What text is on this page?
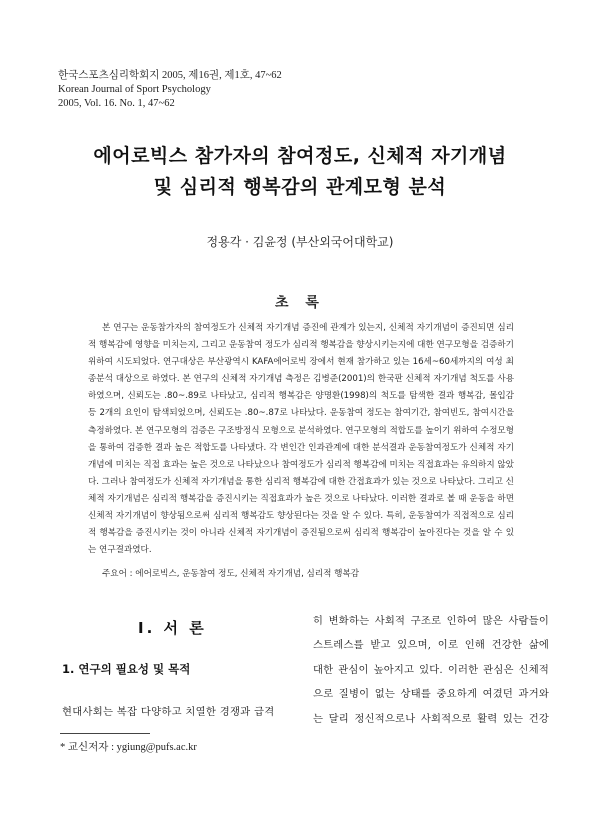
한국스포츠심리학회지 2005, 제16권, 제1호, 47~62
Korean Journal of Sport Psychology
2005, Vol. 16. No. 1, 47~62
에어로빅스 참가자의 참여정도, 신체적 자기개념
및 심리적 행복감의 관계모형 분석
정용각 · 김윤정 (부산외국어대학교)
초 록
본 연구는 운동참가자의 참여정도가 신체적 자기개념 증진에 관계가 있는지, 신체적 자기개념이 증진되면 심리적 행복감에 영향을 미치는지, 그리고 운동참여 정도가 심리적 행복감을 향상시키는지에 대한 연구모형을 검증하기 위하여 시도되었다. 연구대상은 부산광역시 KAFA에어로빅 장에서 현재 참가하고 있는 16세~60세까지의 여성 최종분석 대상으로 하였다. 본 연구의 신체적 자기개념 측정은 김병준(2001)의 한국판 신체적 자기개념 척도를 사용하였으며, 신뢰도는 .80~.89로 나타났고, 심리적 행복감은 양명환(1998)의 척도를 탐색한 결과 행복감, 몰입감 등 2개의 요인이 탐색되었으며, 신뢰도는 .80~.87로 나타났다. 운동참여 정도는 참여기간, 참여빈도, 참여시간을 측정하였다. 본 연구모형의 검증은 구조방정식 모형으로 분석하였다. 연구모형의 적합도를 높이기 위하여 수정모형을 통하여 검증한 결과 높은 적합도를 나타냈다. 각 변인간 인과관계에 대한 분석결과 운동참여정도가 신체적 자기개념에 미치는 직접 효과는 높은 것으로 나타났으나 참여정도가 심리적 행복감에 미치는 직접효과는 유의하지 않았다. 그러나 참여정도가 신체적 자기개념을 통한 심리적 행복감에 대한 간접효과가 있는 것으로 나타났다. 그리고 신체적 자기개념은 심리적 행복감을 증진시키는 직접효과가 높은 것으로 나타났다. 이러한 결과로 볼 때 운동을 하면 신체적 자기개념이 향상됨으로써 심리적 행복감도 향상된다는 것을 알 수 있다. 특히, 운동참여가 직접적으로 심리적 행복감을 증진시키는 것이 아니라 신체적 자기개념이 증진됨으로써 심리적 행복감이 높아진다는 것을 알 수 있는 연구결과였다.
주요어 : 에어로빅스, 운동참여 정도, 신체적 자기개념, 심리적 행복감
I. 서 론
1. 연구의 필요성 및 목적
현대사회는 복잡 다양하고 치열한 경쟁과 급격
히 변화하는 사회적 구조로 인하여 많은 사람들이
스트레스를 받고 있으며, 이로 인해 건강한 삶에
대한 관심이 높아지고 있다. 이러한 관심은 신체적
으로 질병이 없는 상태를 중요하게 여겼던 과거와
는 달리 정신적으로나 사회적으로 활력 있는 건강
* 교신저자 : ygiung@pufs.ac.kr
